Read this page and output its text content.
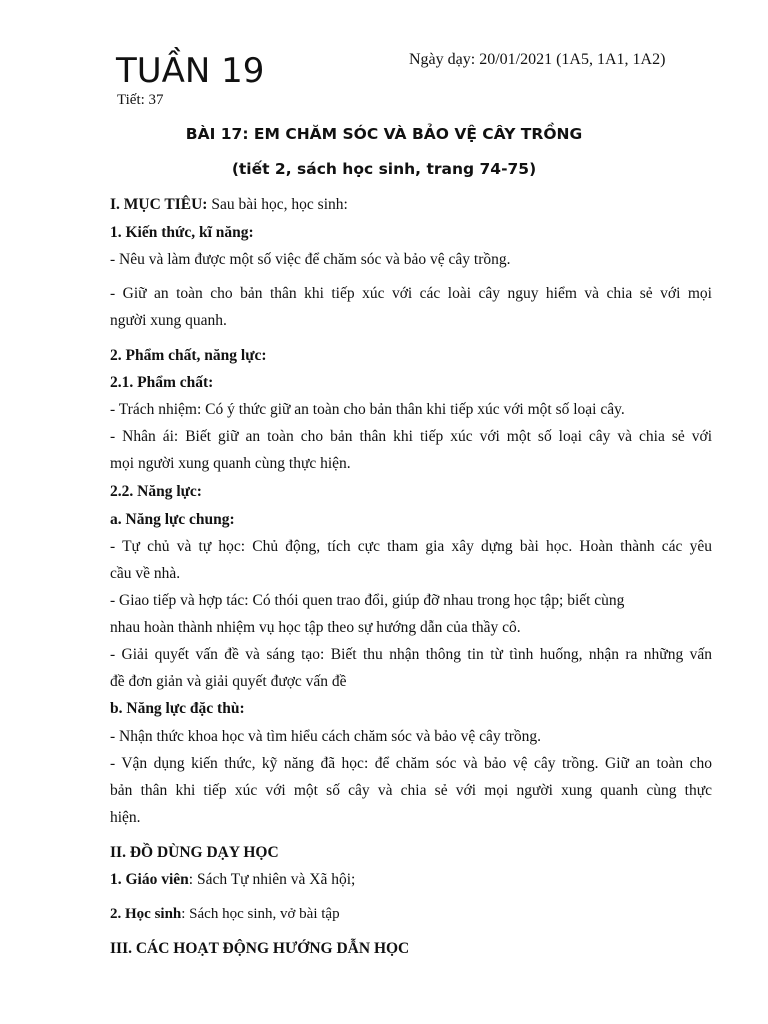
TUẦN 19	Ngày dạy: 20/01/2021 (1A5, 1A1, 1A2)
Tiết: 37
BÀI 17: EM CHĂM SÓC VÀ BẢO VỆ CÂY TRỒNG
(tiết 2, sách học sinh, trang 74-75)
I. MỤC TIÊU: Sau bài học, học sinh:
1. Kiến thức, kĩ năng:
- Nêu và làm được một số việc để chăm sóc và bảo vệ cây trồng.
- Giữ an toàn cho bản thân khi tiếp xúc với các loài cây nguy hiểm và chia sẻ với mọi
người xung quanh.
2. Phẩm chất, năng lực:
2.1. Phẩm chất:
- Trách nhiệm: Có ý thức giữ an toàn cho bản thân khi tiếp xúc với một số loại cây.
- Nhân ái: Biết giữ an toàn cho bản thân khi tiếp xúc với một số loại cây và chia sẻ với
mọi người xung quanh cùng thực hiện.
2.2. Năng lực:
a. Năng lực chung:
- Tự chủ và tự học: Chủ động, tích cực tham gia xây dựng bài học. Hoàn thành các yêu
cầu về nhà.
- Giao tiếp và hợp tác: Có thói quen trao đổi, giúp đỡ nhau trong học tập; biết cùng
nhau hoàn thành nhiệm vụ học tập theo sự hướng dẫn của thầy cô.
- Giải quyết vấn đề và sáng tạo: Biết thu nhận thông tin từ tình huống, nhận ra những vấn
đề đơn giản và giải quyết được vấn đề
b. Năng lực đặc thù:
- Nhận thức khoa học và tìm hiểu cách chăm sóc và bảo vệ cây trồng.
- Vận dụng kiến thức, kỹ năng đã học: để chăm sóc và bảo vệ cây trồng. Giữ an toàn cho
bản thân khi tiếp xúc với một số cây và chia sẻ với mọi người xung quanh cùng thực
hiện.
II. ĐỒ DÙNG DẠY HỌC
1. Giáo viên: Sách Tự nhiên và Xã hội;
2. Học sinh: Sách học sinh, vở bài tập
III. CÁC HOẠT ĐỘNG HƯỚNG DẪN HỌC
